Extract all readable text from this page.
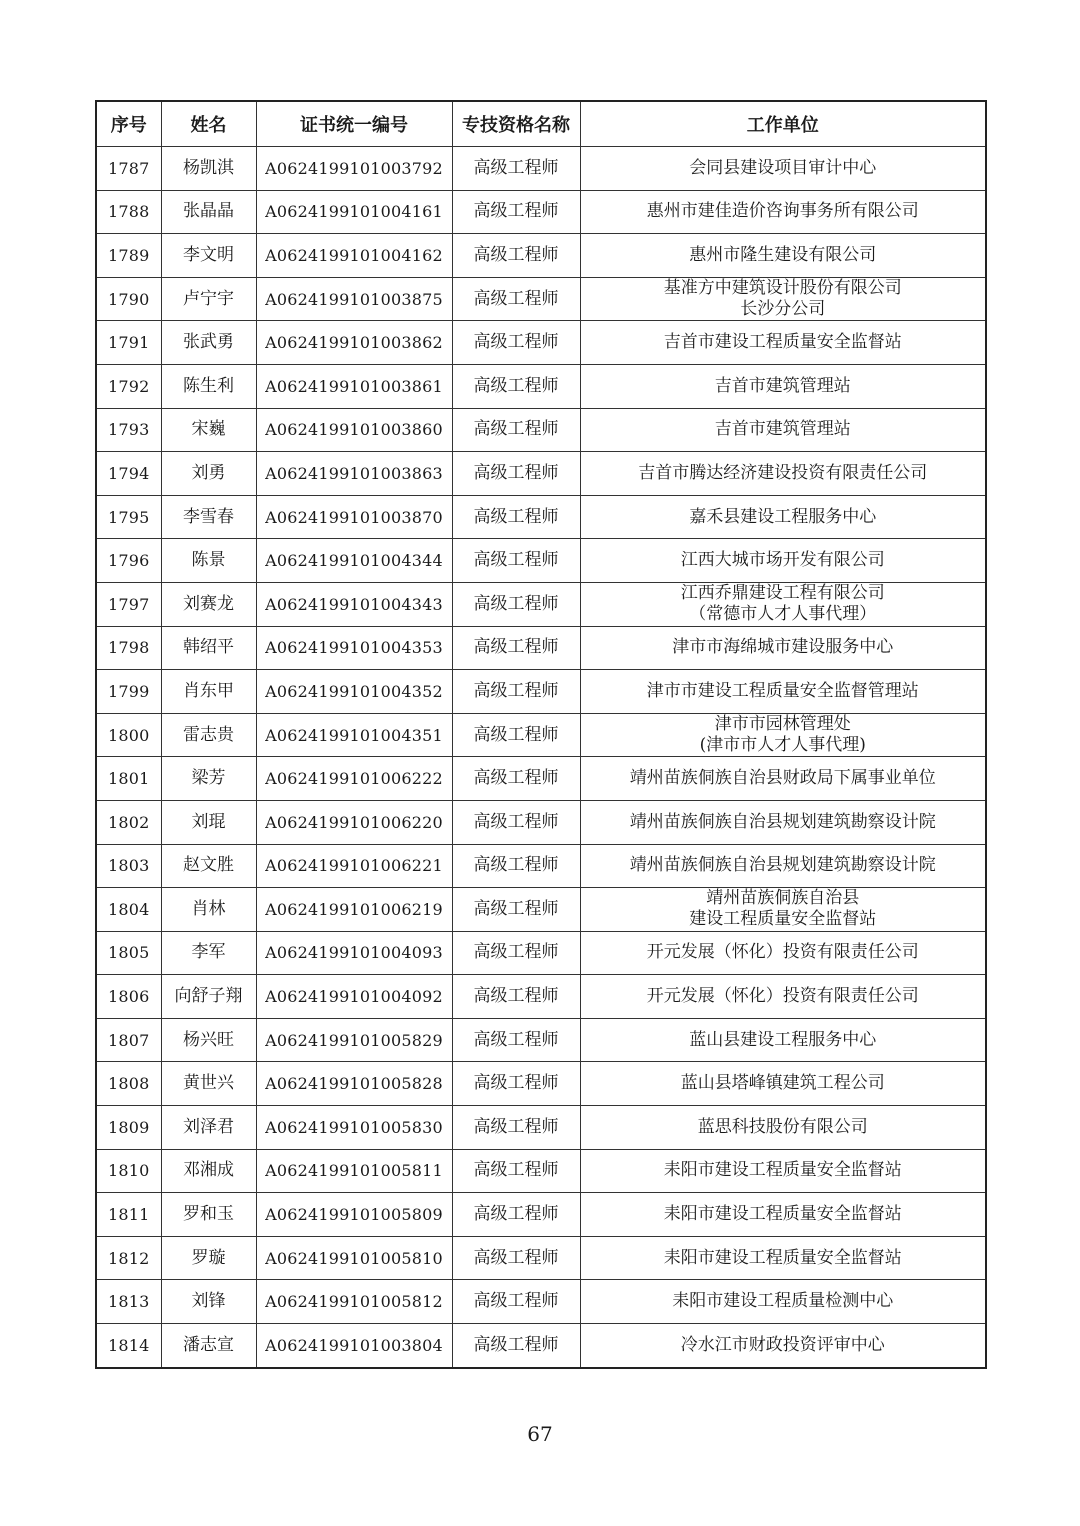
序号	姓名	证书统一编号	专技资格名称	工作单位
1787	杨凯淇	A0624199101003792	高级工程师	会同县建设项目审计中心
1788	张晶晶	A0624199101004161	高级工程师	惠州市建佳造价咨询事务所有限公司
1789	李文明	A0624199101004162	高级工程师	惠州市隆生建设有限公司
1790	卢宁宇	A0624199101003875	高级工程师	基准方中建筑设计股份有限公司
长沙分公司
1791	张武勇	A0624199101003862	高级工程师	吉首市建设工程质量安全监督站
1792	陈生利	A0624199101003861	高级工程师	吉首市建筑管理站
1793	宋巍	A0624199101003860	高级工程师	吉首市建筑管理站
1794	刘勇	A0624199101003863	高级工程师	吉首市腾达经济建设投资有限责任公司
1795	李雪春	A0624199101003870	高级工程师	嘉禾县建设工程服务中心
1796	陈景	A0624199101004344	高级工程师	江西大城市场开发有限公司
1797	刘赛龙	A0624199101004343	高级工程师	江西乔鼎建设工程有限公司
（常德市人才人事代理）
1798	韩绍平	A0624199101004353	高级工程师	津市市海绵城市建设服务中心
1799	肖东甲	A0624199101004352	高级工程师	津市市建设工程质量安全监督管理站
1800	雷志贵	A0624199101004351	高级工程师	津市市园林管理处
(津市市人才人事代理)
1801	梁芳	A0624199101006222	高级工程师	靖州苗族侗族自治县财政局下属事业单位
1802	刘琨	A0624199101006220	高级工程师	靖州苗族侗族自治县规划建筑勘察设计院
1803	赵文胜	A0624199101006221	高级工程师	靖州苗族侗族自治县规划建筑勘察设计院
1804	肖林	A0624199101006219	高级工程师	靖州苗族侗族自治县
建设工程质量安全监督站
1805	李军	A0624199101004093	高级工程师	开元发展（怀化）投资有限责任公司
1806	向舒子翔	A0624199101004092	高级工程师	开元发展（怀化）投资有限责任公司
1807	杨兴旺	A0624199101005829	高级工程师	蓝山县建设工程服务中心
1808	黄世兴	A0624199101005828	高级工程师	蓝山县塔峰镇建筑工程公司
1809	刘泽君	A0624199101005830	高级工程师	蓝思科技股份有限公司
1810	邓湘成	A0624199101005811	高级工程师	耒阳市建设工程质量安全监督站
1811	罗和玉	A0624199101005809	高级工程师	耒阳市建设工程质量安全监督站
1812	罗璇	A0624199101005810	高级工程师	耒阳市建设工程质量安全监督站
1813	刘锋	A0624199101005812	高级工程师	耒阳市建设工程质量检测中心
1814	潘志宣	A0624199101003804	高级工程师	冷水江市财政投资评审中心
67
